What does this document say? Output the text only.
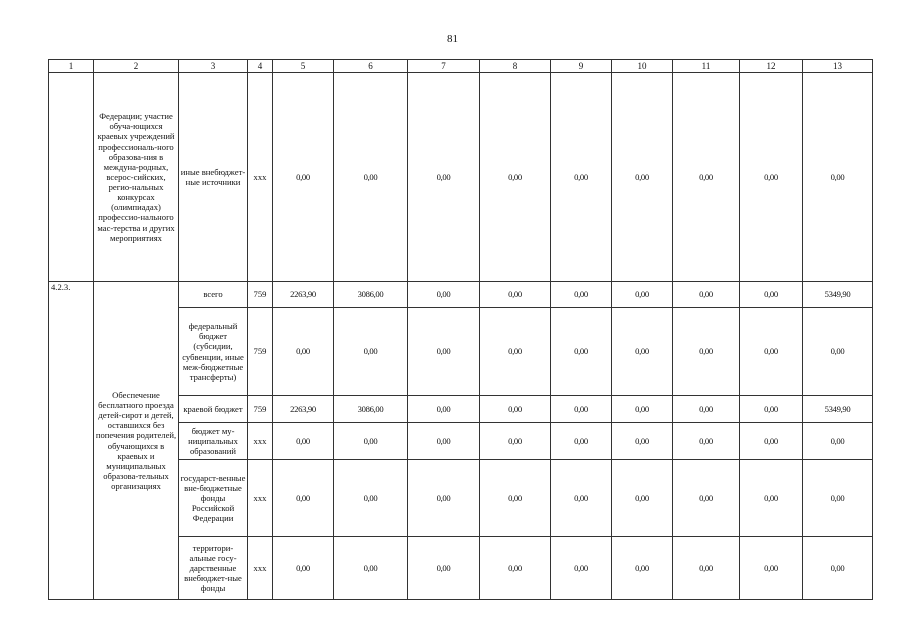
81
1	2	3	4	5	6	7	8	9	10	11	12	13
	Федерации; участие обуча-ющихся краевых учреждений профессиональ-ного образова-ния в междуна-родных, всерос-сийских, регио-нальных конкурсах (олимпиадах) профессио-нального мас-терства и других мероприятиях	иные внебюджет-ные источники	ххх	0,00	0,00	0,00	0,00	0,00	0,00	0,00	0,00	0,00
4.2.3.	Обеспечение бесплатного проезда детей-сирот и детей, оставшихся без попечения родителей, обучающихся в краевых и муниципальных образова-тельных организациях	всего	759	2263,90	3086,00	0,00	0,00	0,00	0,00	0,00	0,00	5349,90
		федеральный бюджет (субсидии, субвенции, иные меж-бюджетные трансферты)	759	0,00	0,00	0,00	0,00	0,00	0,00	0,00	0,00	0,00
		краевой бюджет	759	2263,90	3086,00	0,00	0,00	0,00	0,00	0,00	0,00	5349,90
		бюджет му-ниципальных образований	ххх	0,00	0,00	0,00	0,00	0,00	0,00	0,00	0,00	0,00
		государст-венные вне-бюджетные фонды Российской Федерации	ххх	0,00	0,00	0,00	0,00	0,00	0,00	0,00	0,00	0,00
		территори-альные госу-дарственные внебюджет-ные фонды	ххх	0,00	0,00	0,00	0,00	0,00	0,00	0,00	0,00	0,00
